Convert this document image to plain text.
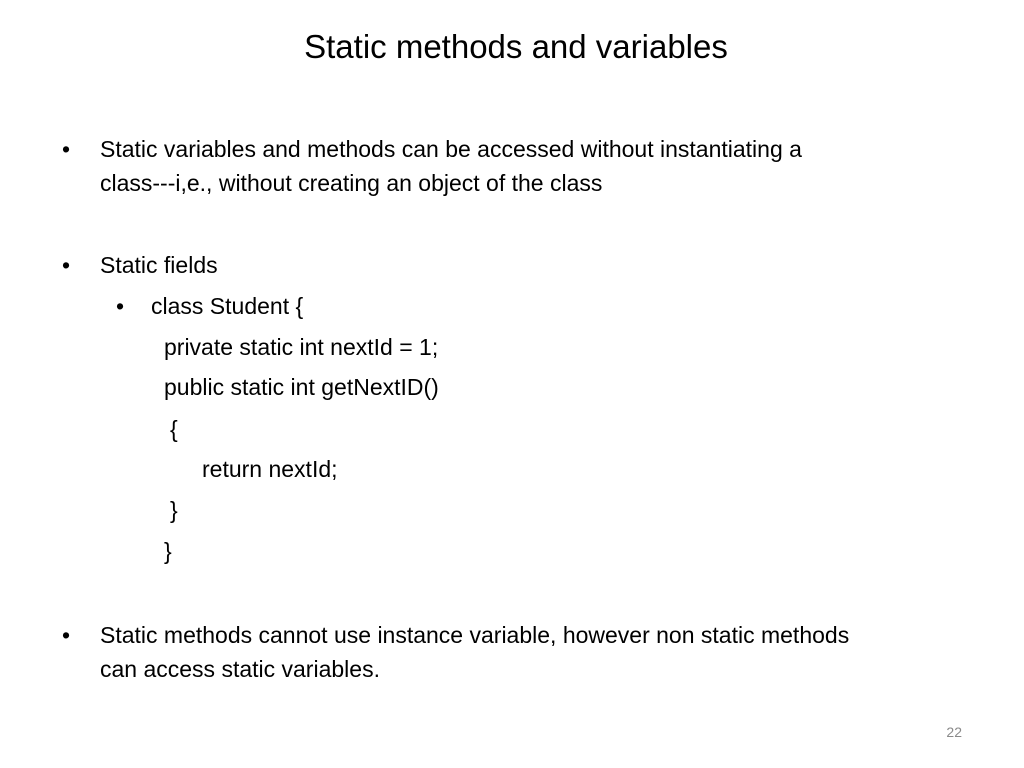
Static methods and variables
• Static variables and methods can be accessed without instantiating a
class---i,e., without creating an object of the class
• Static fields
• class Student {
private static int nextId = 1;
public static int getNextID()
{
return nextId;
}
}
• Static methods cannot use instance variable, however non static methods
can access static variables.
22
